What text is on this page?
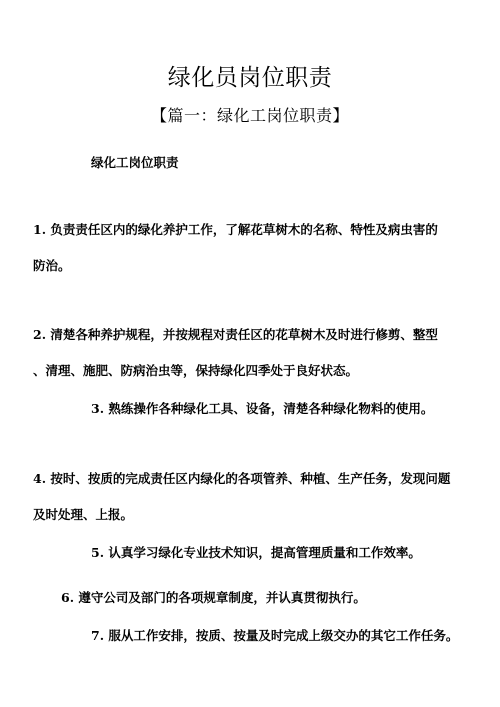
绿化员岗位职责
【篇一：绿化工岗位职责】
绿化工岗位职责
1. 负责责任区内的绿化养护工作，了解花草树木的名称、特性及病虫害的
防治。
2. 清楚各种养护规程，并按规程对责任区的花草树木及时进行修剪、整型
、清理、施肥、防病治虫等，保持绿化四季处于良好状态。
3. 熟练操作各种绿化工具、设备，清楚各种绿化物料的使用。
4. 按时、按质的完成责任区内绿化的各项管养、种植、生产任务，发现问题
及时处理、上报。
5. 认真学习绿化专业技术知识，提高管理质量和工作效率。
6. 遵守公司及部门的各项规章制度，并认真贯彻执行。
7. 服从工作安排，按质、按量及时完成上级交办的其它工作任务。
